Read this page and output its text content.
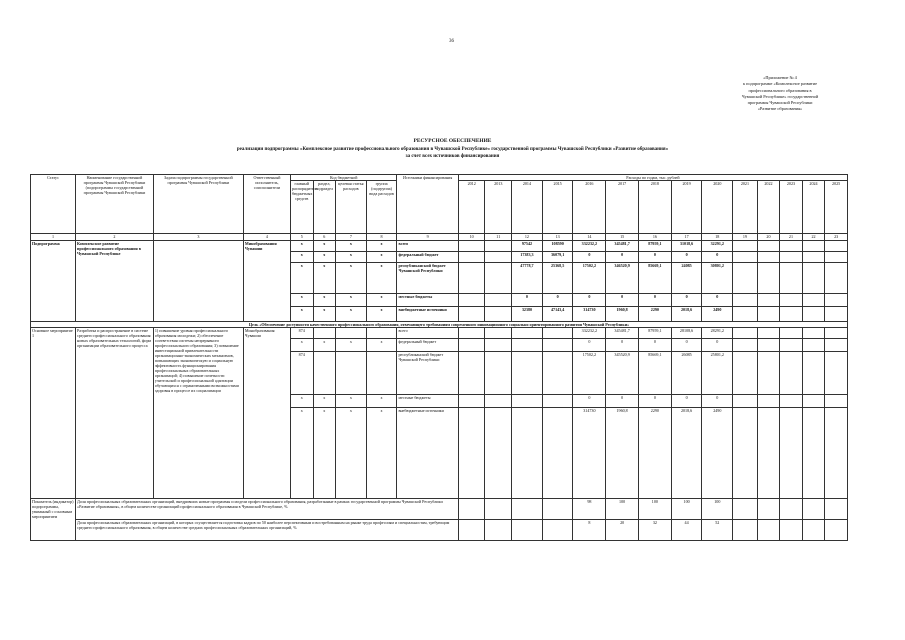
36
«Приложение № 4
к подпрограмме «Комплексное развитие
профессионального образования в
Чувашской Республике» государственной
программы Чувашской Республики
«Развитие образования»
РЕСУРСНОЕ ОБЕСПЕЧЕНИЕ
реализации подпрограммы «Комплексное развитие профессионального образования в Чувашской Республике» государственной программы Чувашской Республики «Развитие образования»
за счет всех источников финансирования
Статус	Наименование государственной программы Чувашской Республики (подпрограммы государственной программы Чувашской Республики	Задача подпрограммы государственной программы Чувашской Республики	Ответственный исполнитель, соисполнители	Код бюджетной				Источники финансирования	Расходы по годам, тыс. рублей													
				главный распорядитель бюджетных средств	раздел, подраздел	целевая статья расходов	группа (подгруппа) вида расходов		2012	2013	2014	2015	2016	2017	2018	2019	2020	2021	2022	2023	2024	2025
1	2	3	4	5	6	7	8	9	10	11	12	13	14	15	16	17	18	19	20	21	22	23
Подпрограмма	Комплексное развитие профессионального образования в Чувашской Республике		Минобразования Чувашии	x	x	x	x	всего			97542	108590	332232,2	345481,7	87959,1	31018,6	32291,2					
				x	x	x	x	федеральный бюджет			17383,3	36079,1	0	0	0	0	0					
				x	x	x	x	республиканский бюджет Чувашской Республики			47778,7	25368,5	17502,2	346520,9	85669,1	24085	30801,2					
				x	x	x	x	местные бюджеты			0	0	0	0	0	0	0					
				x	x	x	x	внебюджетные источники			32380	47143,4	314730	1960,8	2290	2018,6	2490					
Цель «Обеспечение доступности качественного профессионального образования, отвечающего требованиям современного инновационного социально ориентированного развития Чувашской Республики»																						
Основное мероприятие 1	Разработка и распространение в системе среднего профессионального образования новых образовательных технологий, форм организации образовательного процесса	1) повышение уровня профессионального образования молодежи; 2) обеспечение соответствия системы непрерывного профессионального образования; 3) повышение инвестиционной привлекательности организационно-экономических механизмов, повышающих экономическую и социальную эффективность функционирования профессиональных образовательных организаций; 4) повышение почетности учительской и профессиональной адаптации обучающихся с ограниченными возможностями здоровья в процессе их социализации	Минобразования Чувашии	874				всего					332232,2	345481,7	87959,1	28108,6	28291,2					
				x	x	x	x	федеральный бюджет					0	0	0	0	0					
				874				республиканский бюджет Чувашской Республики					17502,2	345520,9	85669,1	26085	25801,2					
				x	x	x	x	местные бюджеты					0	0	0	0	0					
				x	x	x	x	внебюджетные источники					314730	1960,8	2290	2018,6	2490					
Показатель (индикатор) подпрограммы, увязанный с основным мероприятием	Доля профессиональных образовательных организаций, внедривших новые программы и модели профессионального образования, разработанные в рамках государственной программы Чувашской Республики «Развитие образования», в общем количестве организаций профессионального образования в Чувашской Республике, %												98	100	100	100	100					
	Доля профессиональных образовательных организаций, в которых осуществляется подготовка кадров по 50 наиболее перспективным и востребованным на рынке труда профессиям и специальностям, требующим среднего профессионального образования, в общем количестве средних профессиональных образовательных организаций, %												8	20	32	44	52					
